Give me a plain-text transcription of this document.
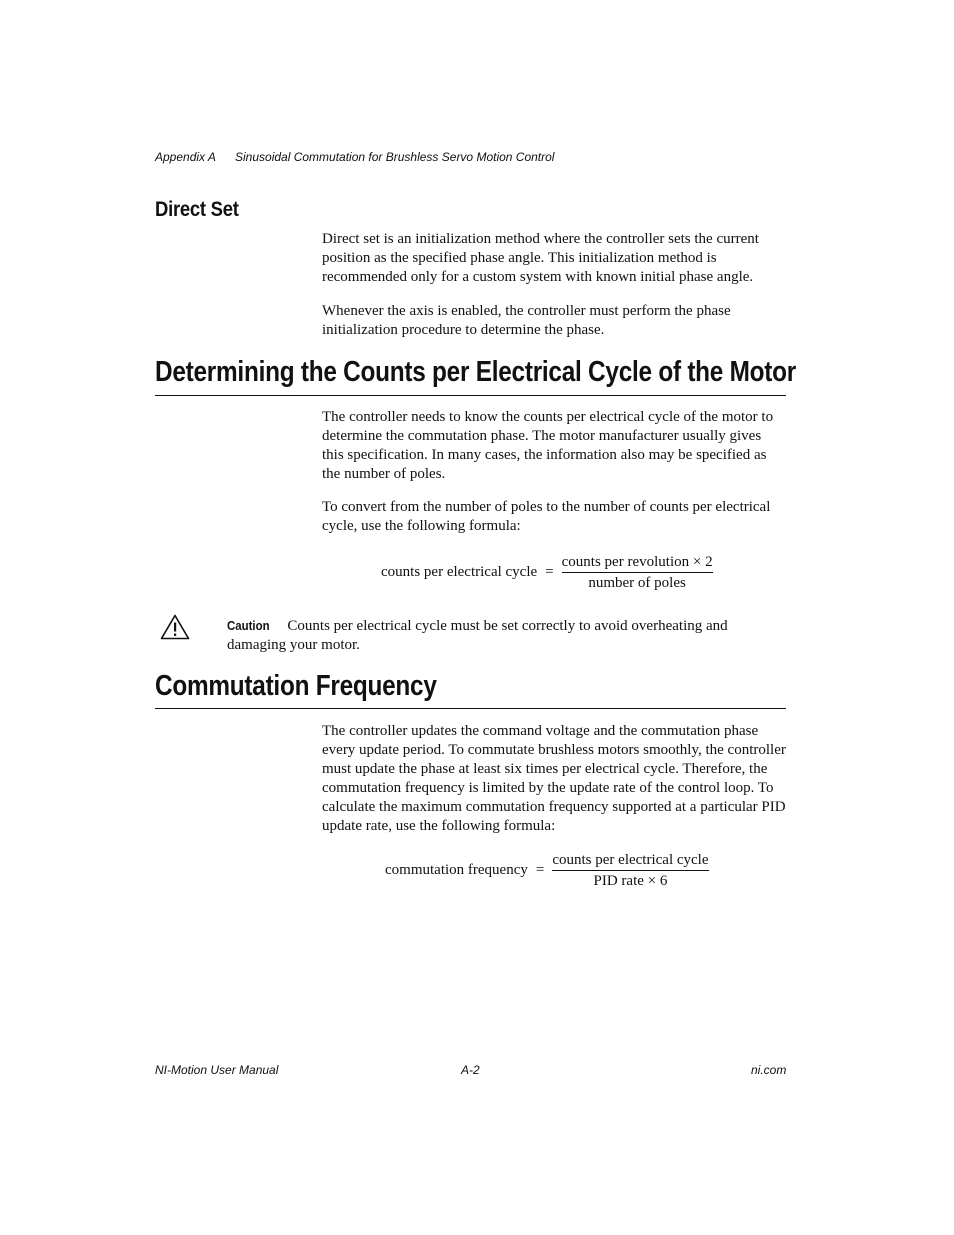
Appendix A Sinusoidal Commutation for Brushless Servo Motion Control
Direct Set
Direct set is an initialization method where the controller sets the current position as the specified phase angle. This initialization method is recommended only for a custom system with known initial phase angle.
Whenever the axis is enabled, the controller must perform the phase initialization procedure to determine the phase.
Determining the Counts per Electrical Cycle of the Motor
The controller needs to know the counts per electrical cycle of the motor to determine the commutation phase. The motor manufacturer usually gives this specification. In many cases, the information also may be specified as the number of poles.
To convert from the number of poles to the number of counts per electrical cycle, use the following formula:
counts per electrical cycle = $\frac{\text{counts per revolution × 2}}{\text{number of poles}}$
Caution Counts per electrical cycle must be set correctly to avoid overheating and damaging your motor.
Commutation Frequency
The controller updates the command voltage and the commutation phase every update period. To commutate brushless motors smoothly, the controller must update the phase at least six times per electrical cycle. Therefore, the commutation frequency is limited by the update rate of the control loop. To calculate the maximum commutation frequency supported at a particular PID update rate, use the following formula:
commutation frequency = $\frac{\text{counts per electrical cycle}}{\text{PID rate × 6}}$
NI-Motion User Manual	A-2	ni.com
